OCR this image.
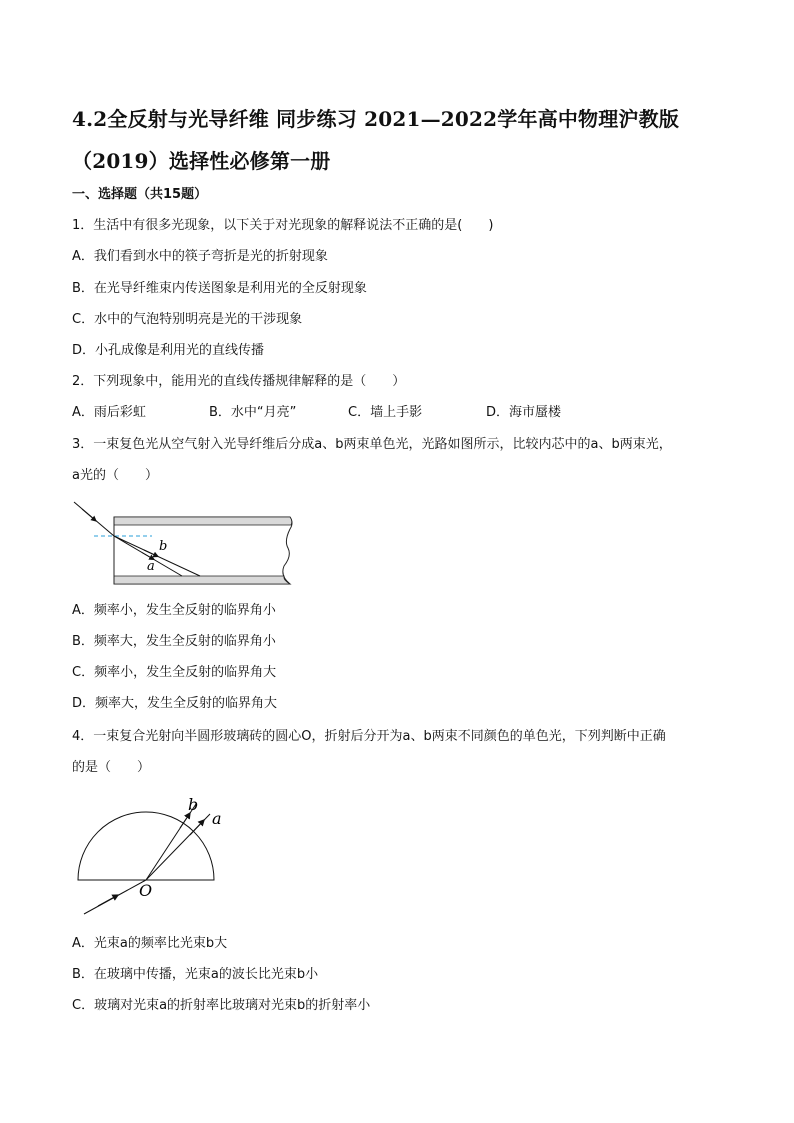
4.2全反射与光导纤维 同步练习 2021—2022学年高中物理沪教版
（2019）选择性必修第一册
一、选择题（共15题）
1．生活中有很多光现象，以下关于对光现象的解释说法不正确的是(　　)
A．我们看到水中的筷子弯折是光的折射现象
B．在光导纤维束内传送图象是利用光的全反射现象
C．水中的气泡特别明亮是光的干涉现象
D．小孔成像是利用光的直线传播
2．下列现象中，能用光的直线传播规律解释的是（　　）
A．雨后彩虹	B．水中“月亮”	C．墙上手影	D．海市蜃楼
3．一束复色光从空气射入光导纤维后分成a、b两束单色光，光路如图所示，比较内芯中的a、b两束光，
a光的（　　）
b
a
A．频率小，发生全反射的临界角小
B．频率大，发生全反射的临界角小
C．频率小，发生全反射的临界角大
D．频率大，发生全反射的临界角大
4．一束复合光射向半圆形玻璃砖的圆心O，折射后分开为a、b两束不同颜色的单色光，下列判断中正确
的是（　　）
b
a
O
A．光束a的频率比光束b大
B．在玻璃中传播，光束a的波长比光束b小
C．玻璃对光束a的折射率比玻璃对光束b的折射率小
